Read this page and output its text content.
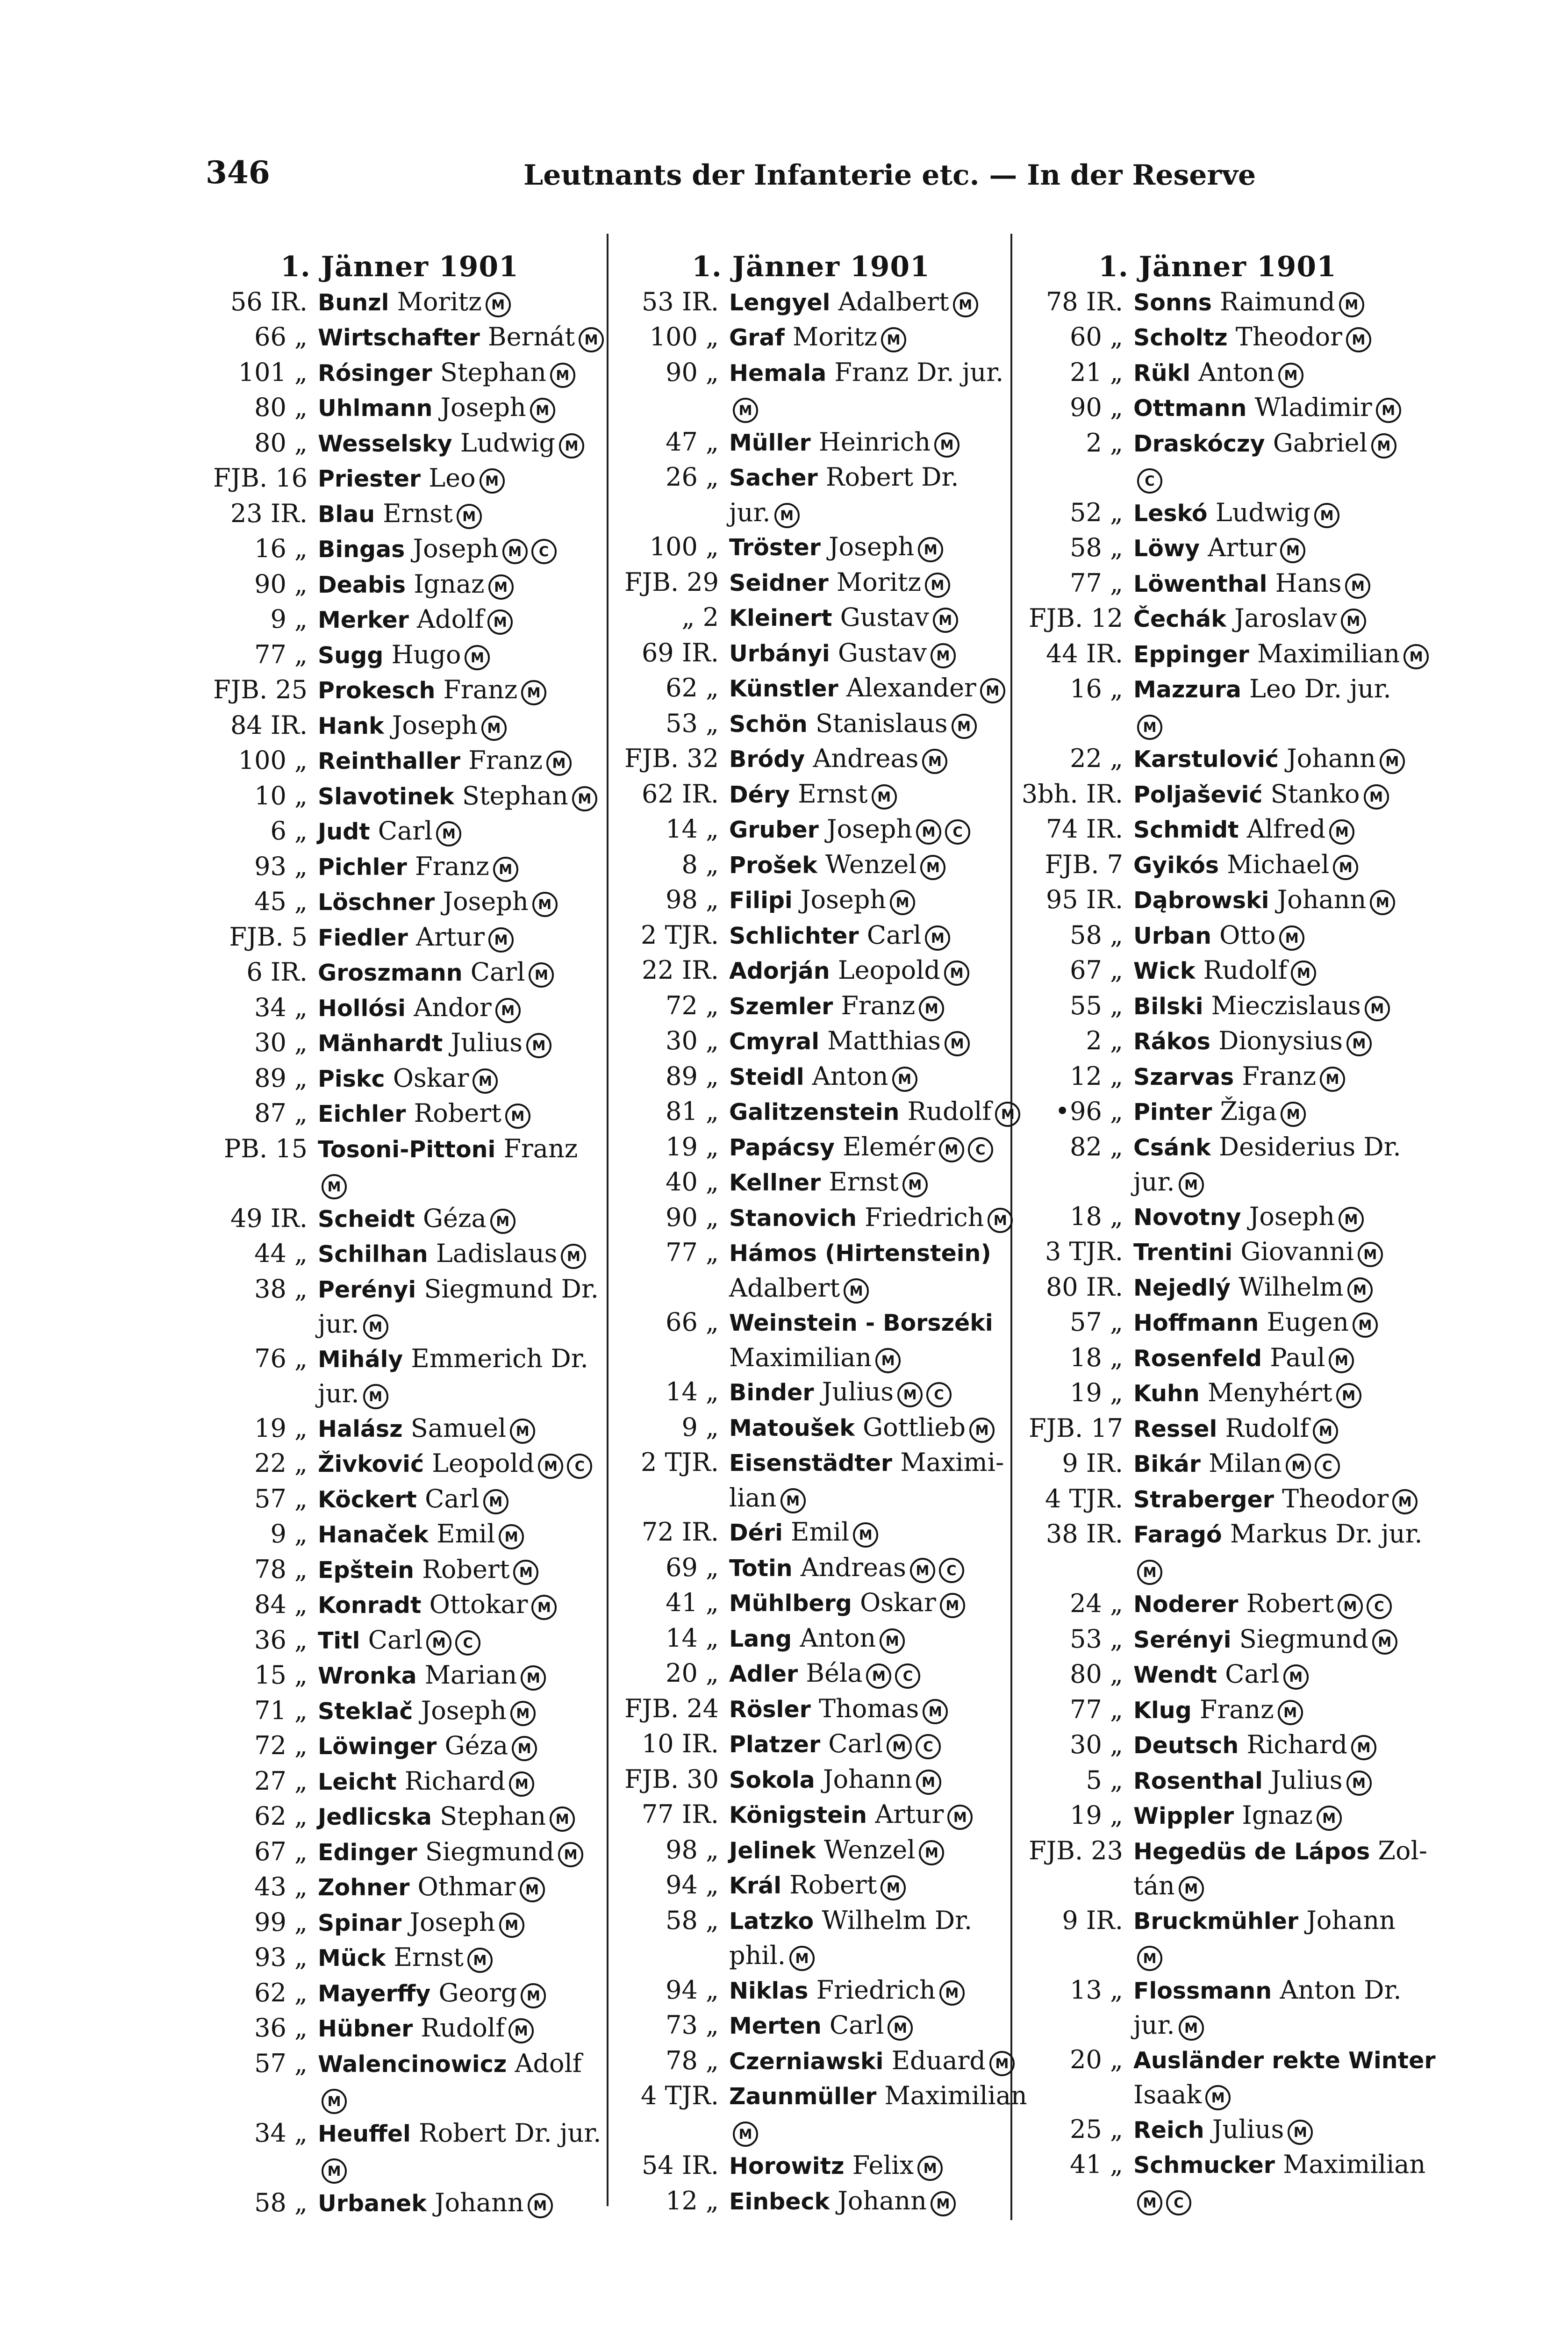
346	Leutnants der Infanterie etc. — In der Reserve
1. Jänner 1901
56 IR. Bunzl Moritz M
66 „ Wirtschafter Bernát M
101 „ Rósinger Stephan M
80 „ Uhlmann Joseph M
80 „ Wesselsky Ludwig M
FJB. 16 Priester Leo M
23 IR. Blau Ernst M
16 „ Bingas Joseph M C
90 „ Deabis Ignaz M
9 „ Merker Adolf M
77 „ Sugg Hugo M
FJB. 25 Prokesch Franz M
84 IR. Hank Joseph M
100 „ Reinthaller Franz M
10 „ Slavotinek Stephan M
6 „ Judt Carl M
93 „ Pichler Franz M
45 „ Löschner Joseph M
FJB. 5 Fiedler Artur M
6 IR. Groszmann Carl M
34 „ Hollósi Andor M
30 „ Mänhardt Julius M
89 „ Piskc Oskar M
87 „ Eichler Robert M
PB. 15 Tosoni-Pittoni Franz
M
49 IR. Scheidt Géza M
44 „ Schilhan Ladislaus M
38 „ Perényi Siegmund Dr.
jur. M
76 „ Mihály Emmerich Dr.
jur. M
19 „ Halász Samuel M
22 „ Živković Leopold M C
57 „ Köckert Carl M
9 „ Hanaček Emil M
78 „ Epštein Robert M
84 „ Konradt Ottokar M
36 „ Titl Carl M C
15 „ Wronka Marian M
71 „ Steklač Joseph M
72 „ Löwinger Géza M
27 „ Leicht Richard M
62 „ Jedlicska Stephan M
67 „ Edinger Siegmund M
43 „ Zohner Othmar M
99 „ Spinar Joseph M
93 „ Mück Ernst M
62 „ Mayerffy Georg M
36 „ Hübner Rudolf M
57 „ Walencinowicz Adolf
M
34 „ Heuffel Robert Dr. jur.
M
58 „ Urbanek Johann M
1. Jänner 1901
53 IR. Lengyel Adalbert M
100 „ Graf Moritz M
90 „ Hemala Franz Dr. jur.
M
47 „ Müller Heinrich M
26 „ Sacher Robert Dr.
jur. M
100 „ Tröster Joseph M
FJB. 29 Seidner Moritz M
„ 2 Kleinert Gustav M
69 IR. Urbányi Gustav M
62 „ Künstler Alexander M
53 „ Schön Stanislaus M
FJB. 32 Bródy Andreas M
62 IR. Déry Ernst M
14 „ Gruber Joseph M C
8 „ Prošek Wenzel M
98 „ Filipi Joseph M
2 TJR. Schlichter Carl M
22 IR. Adorján Leopold M
72 „ Szemler Franz M
30 „ Cmyral Matthias M
89 „ Steidl Anton M
81 „ Galitzenstein Rudolf M
19 „ Papácsy Elemér M C
40 „ Kellner Ernst M
90 „ Stanovich Friedrich M
77 „ Hámos (Hirtenstein)
Adalbert M
66 „ Weinstein - Borszéki
Maximilian M
14 „ Binder Julius M C
9 „ Matoušek Gottlieb M
2 TJR. Eisenstädter Maximi-
lian M
72 IR. Déri Emil M
69 „ Totin Andreas M C
41 „ Mühlberg Oskar M
14 „ Lang Anton M
20 „ Adler Béla M C
FJB. 24 Rösler Thomas M
10 IR. Platzer Carl M C
FJB. 30 Sokola Johann M
77 IR. Königstein Artur M
98 „ Jelinek Wenzel M
94 „ Král Robert M
58 „ Latzko Wilhelm Dr.
phil. M
94 „ Niklas Friedrich M
73 „ Merten Carl M
78 „ Czerniawski Eduard M
4 TJR. Zaunmüller Maximilian
M
54 IR. Horowitz Felix M
12 „ Einbeck Johann M
1. Jänner 1901
78 IR. Sonns Raimund M
60 „ Scholtz Theodor M
21 „ Rükl Anton M
90 „ Ottmann Wladimir M
2 „ Draskóczy Gabriel M
C
52 „ Leskó Ludwig M
58 „ Löwy Artur M
77 „ Löwenthal Hans M
FJB. 12 Čechák Jaroslav M
44 IR. Eppinger Maximilian M
16 „ Mazzura Leo Dr. jur.
M
22 „ Karstulović Johann M
3bh. IR. Poljašević Stanko M
74 IR. Schmidt Alfred M
FJB. 7 Gyikós Michael M
95 IR. Dąbrowski Johann M
58 „ Urban Otto M
67 „ Wick Rudolf M
55 „ Bilski Mieczislaus M
2 „ Rákos Dionysius M
12 „ Szarvas Franz M
•96 „ Pinter Žiga M
82 „ Csánk Desiderius Dr.
jur. M
18 „ Novotny Joseph M
3 TJR. Trentini Giovanni M
80 IR. Nejedlý Wilhelm M
57 „ Hoffmann Eugen M
18 „ Rosenfeld Paul M
19 „ Kuhn Menyhért M
FJB. 17 Ressel Rudolf M
9 IR. Bikár Milan M C
4 TJR. Straberger Theodor M
38 IR. Faragó Markus Dr. jur.
M
24 „ Noderer Robert M C
53 „ Serényi Siegmund M
80 „ Wendt Carl M
77 „ Klug Franz M
30 „ Deutsch Richard M
5 „ Rosenthal Julius M
19 „ Wippler Ignaz M
FJB. 23 Hegedüs de Lápos Zol-
tán M
9 IR. Bruckmühler Johann
M
13 „ Flossmann Anton Dr.
jur. M
20 „ Ausländer rekte Winter
Isaak M
25 „ Reich Julius M
41 „ Schmucker Maximilian
M C
